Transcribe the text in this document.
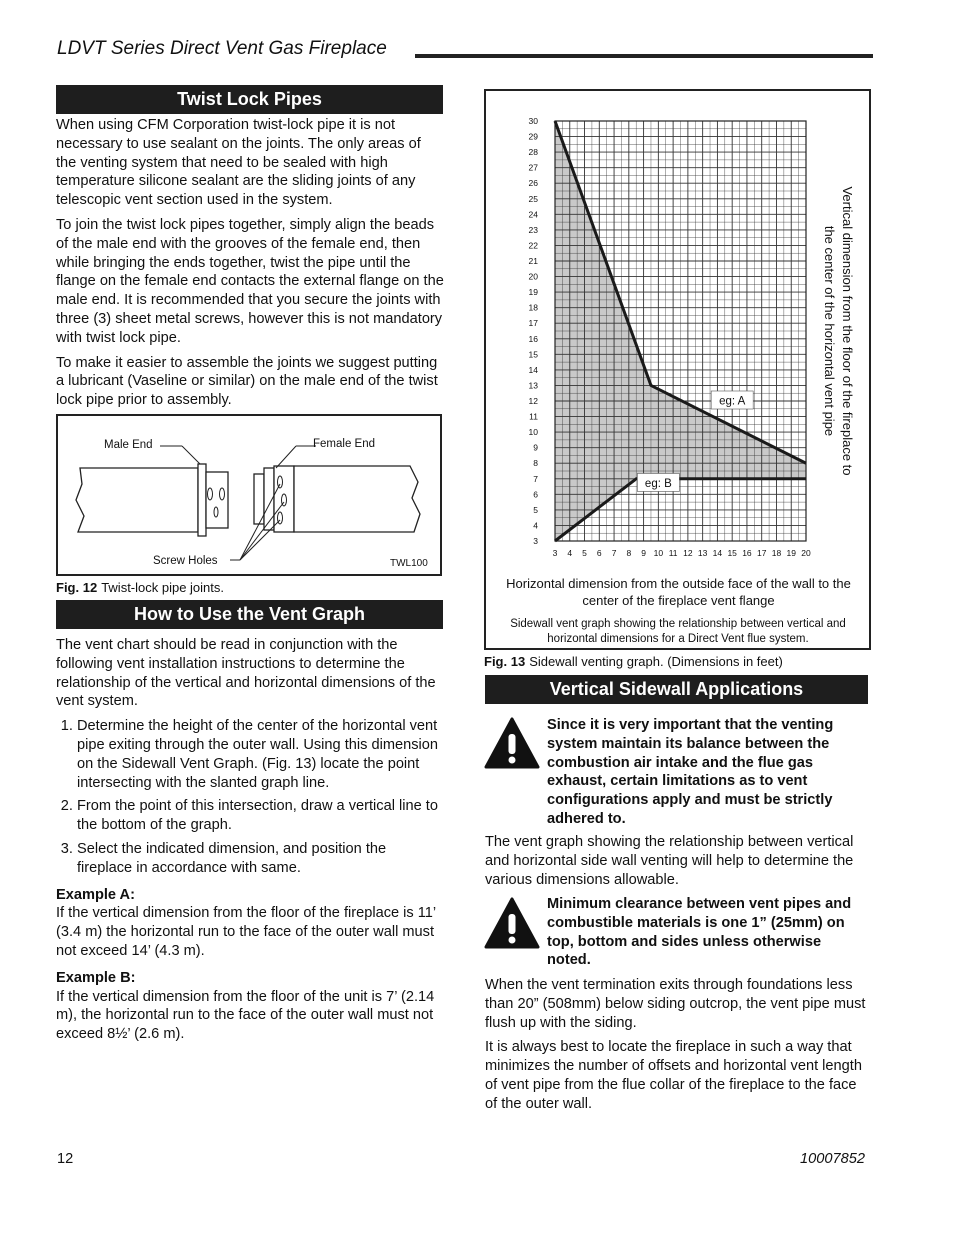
LDVT Series Direct Vent Gas Fireplace
Twist Lock Pipes

When using CFM Corporation twist-lock pipe it is not necessary to use sealant on the joints. The only areas of the venting system that need to be sealed with high temperature silicone sealant are the sliding joints of any telescopic vent section used in the system.

To join the twist lock pipes together, simply align the beads of the male end with the grooves of the female end, then while bringing the ends together, twist the pipe until the flange on the female end contacts the external flange on the male end. It is recommended that you secure the joints with three (3) sheet metal screws, however this is not mandatory with twist lock pipe.

To make it easier to assemble the joints we suggest putting a lubricant (Vaseline or similar) on the male end of the twist lock pipe prior to assembly.

Male End	Female End
Screw Holes	TWL100
Fig. 12 Twist-lock pipe joints.
How to Use the Vent Graph

The vent chart should be read in conjunction with the following vent installation instructions to determine the relationship of the vertical and horizontal dimensions of the vent system.

1. Determine the height of the center of the horizontal vent pipe exiting through the outer wall. Using this dimension on the Sidewall Vent Graph. (Fig. 13) locate the point intersecting with the slanted graph line.
2. From the point of this intersection, draw a vertical line to the bottom of the graph.
3. Select the indicated dimension, and position the fireplace in accordance with same.

Example A:
If the vertical dimension from the floor of the fireplace is 11’ (3.4 m) the horizontal run to the face of the outer wall must not exceed 14’ (4.3 m).

Example B:
If the vertical dimension from the floor of the unit is 7’ (2.14 m), the horizontal run to the face of the outer wall must not exceed 8½’ (2.6 m).

3 4 5 6 7 8 9 10 11 12 13 14 15 16 17 18 19 20
3
4
5
6
7
8
9
10
11
12
13
14
15
16
17
18
19
20
21
22
23
24
25
26
27
28
29
30
eg: A
eg: B
Vertical dimension from the floor of the fireplace to the center of the horizontal vent pipe
Horizontal dimension from the outside face of the wall to the center of the fireplace vent flange
Sidewall vent graph showing the relationship between vertical and horizontal dimensions for a Direct Vent flue system.
Fig. 13 Sidewall venting graph. (Dimensions in feet)
Vertical Sidewall Applications
Since it is very important that the venting system maintain its balance between the combustion air intake and the flue gas exhaust, certain limitations as to vent configurations apply and must be strictly adhered to.
The vent graph showing the relationship between vertical and horizontal side wall venting will help to determine the various dimensions allowable.
Minimum clearance between vent pipes and combustible materials is one 1” (25mm) on top, bottom and sides unless otherwise noted.

When the vent termination exits through foundations less than 20” (508mm) below siding outcrop, the vent pipe must flush up with the siding.

It is always best to locate the fireplace in such a way that minimizes the number of offsets and horizontal vent length of vent pipe from the flue collar of the fireplace to the face of the outer wall.

12	10007852
